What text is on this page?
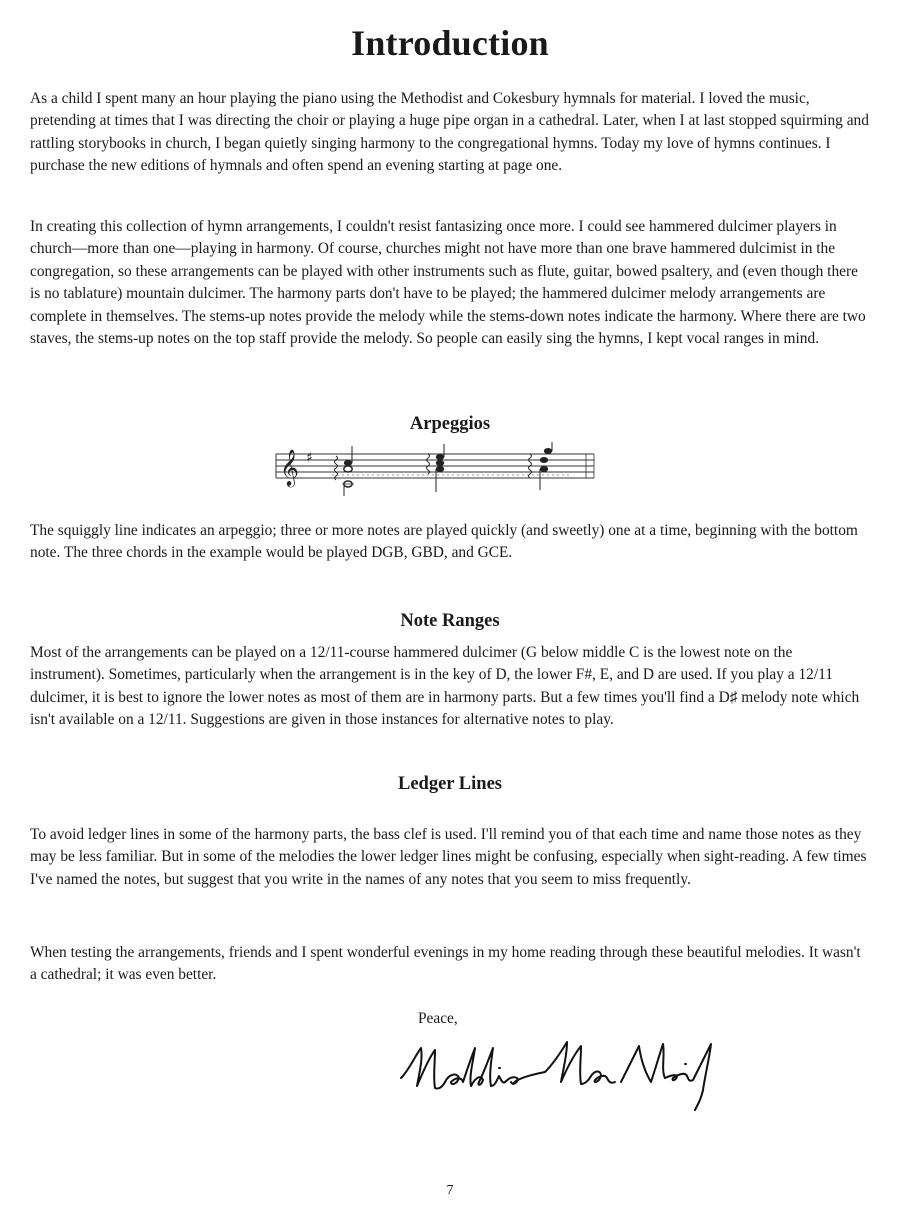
Introduction

As a child I spent many an hour playing the piano using the Methodist and Cokesbury hymnals for material. I loved the music, pretending at times that I was directing the choir or playing a huge pipe organ in a cathedral. Later, when I at last stopped squirming and rattling storybooks in church, I began quietly singing harmony to the congregational hymns. Today my love of hymns continues. I purchase the new editions of hymnals and often spend an evening starting at page one.

In creating this collection of hymn arrangements, I couldn't resist fantasizing once more. I could see hammered dulcimer players in church—more than one—playing in harmony. Of course, churches might not have more than one brave hammered dulcimist in the congregation, so these arrangements can be played with other instruments such as flute, guitar, bowed psaltery, and (even though there is no tablature) mountain dulcimer. The harmony parts don't have to be played; the hammered dulcimer melody arrangements are complete in themselves. The stems-up notes provide the melody while the stems-down notes indicate the harmony. Where there are two staves, the stems-up notes on the top staff provide the melody. So people can easily sing the hymns, I kept vocal ranges in mind.

Arpeggios
𝄞 ♯

The squiggly line indicates an arpeggio; three or more notes are played quickly (and sweetly) one at a time, beginning with the bottom note. The three chords in the example would be played DGB, GBD, and GCE.

Note Ranges

Most of the arrangements can be played on a 12/11-course hammered dulcimer (G below middle C is the lowest note on the instrument). Sometimes, particularly when the arrangement is in the key of D, the lower F#, E, and D are used. If you play a 12/11 dulcimer, it is best to ignore the lower notes as most of them are in harmony parts. But a few times you'll find a D♯ melody note which isn't available on a 12/11. Suggestions are given in those instances for alternative notes to play.

Ledger Lines

To avoid ledger lines in some of the harmony parts, the bass clef is used. I'll remind you of that each time and name those notes as they may be less familiar. But in some of the melodies the lower ledger lines might be confusing, especially when sight-reading. A few times I've named the notes, but suggest that you write in the names of any notes that you seem to miss frequently.

When testing the arrangements, friends and I spent wonderful evenings in my home reading through these beautiful melodies. It wasn't a cathedral; it was even better.

Peace,

7
